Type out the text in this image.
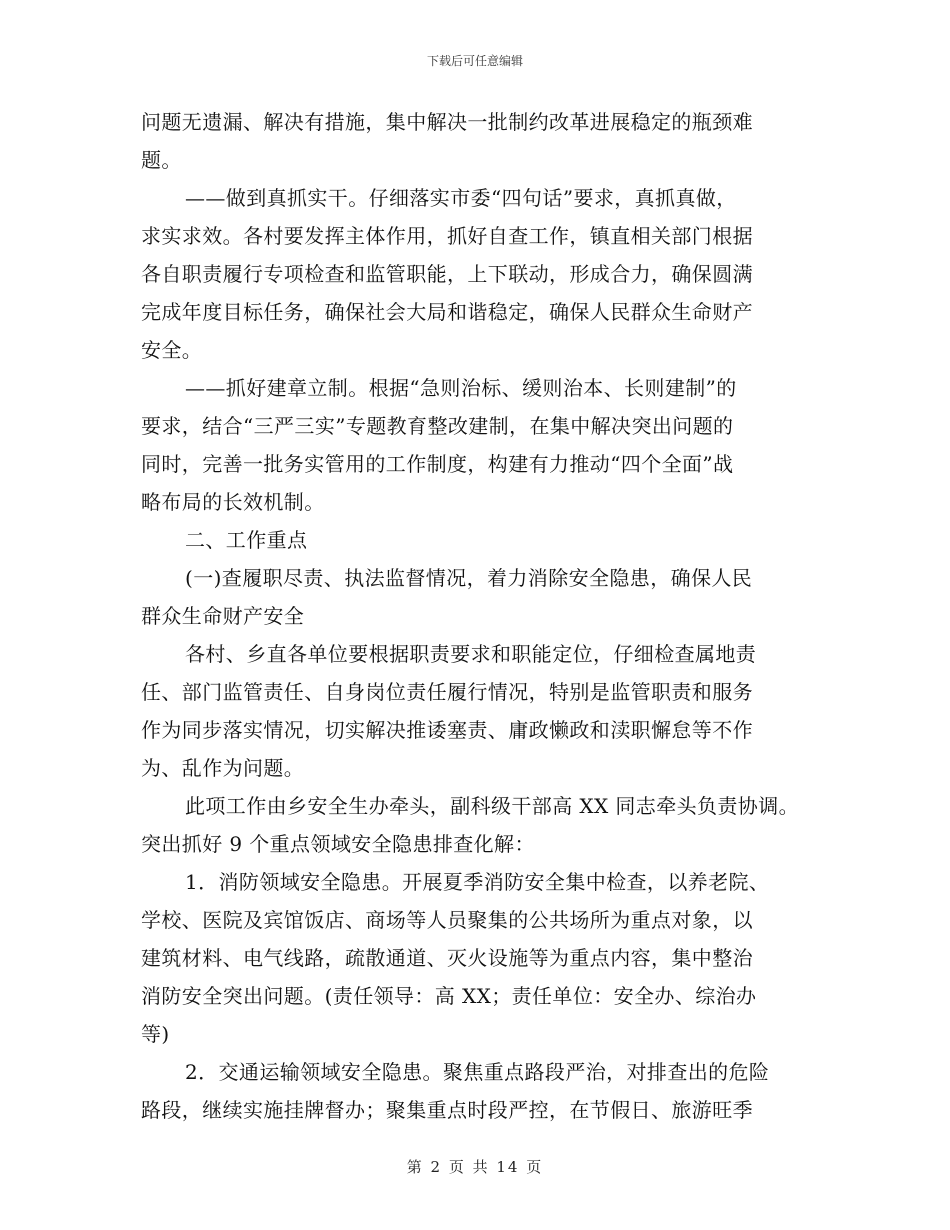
下载后可任意编辑
问题无遗漏、解决有措施，集中解决一批制约改革进展稳定的瓶颈难
题。
——做到真抓实干。仔细落实市委“四句话”要求，真抓真做，
求实求效。各村要发挥主体作用，抓好自查工作，镇直相关部门根据
各自职责履行专项检查和监管职能，上下联动，形成合力，确保圆满
完成年度目标任务，确保社会大局和谐稳定，确保人民群众生命财产
安全。
——抓好建章立制。根据“急则治标、缓则治本、长则建制”的
要求，结合“三严三实”专题教育整改建制，在集中解决突出问题的
同时，完善一批务实管用的工作制度，构建有力推动“四个全面”战
略布局的长效机制。
二、工作重点
(一)查履职尽责、执法监督情况，着力消除安全隐患，确保人民
群众生命财产安全
各村、乡直各单位要根据职责要求和职能定位，仔细检查属地责
任、部门监管责任、自身岗位责任履行情况，特别是监管职责和服务
作为同步落实情况，切实解决推诿塞责、庸政懒政和渎职懈怠等不作
为、乱作为问题。
此项工作由乡安全生办牵头，副科级干部高 XX 同志牵头负责协调。
突出抓好 9 个重点领域安全隐患排查化解：
1．消防领域安全隐患。开展夏季消防安全集中检查，以养老院、
学校、医院及宾馆饭店、商场等人员聚集的公共场所为重点对象，以
建筑材料、电气线路，疏散通道、灭火设施等为重点内容，集中整治
消防安全突出问题。(责任领导：高 XX；责任单位：安全办、综治办
等)
2．交通运输领域安全隐患。聚焦重点路段严治，对排查出的危险
路段，继续实施挂牌督办；聚集重点时段严控，在节假日、旅游旺季
第 2 页 共 14 页
